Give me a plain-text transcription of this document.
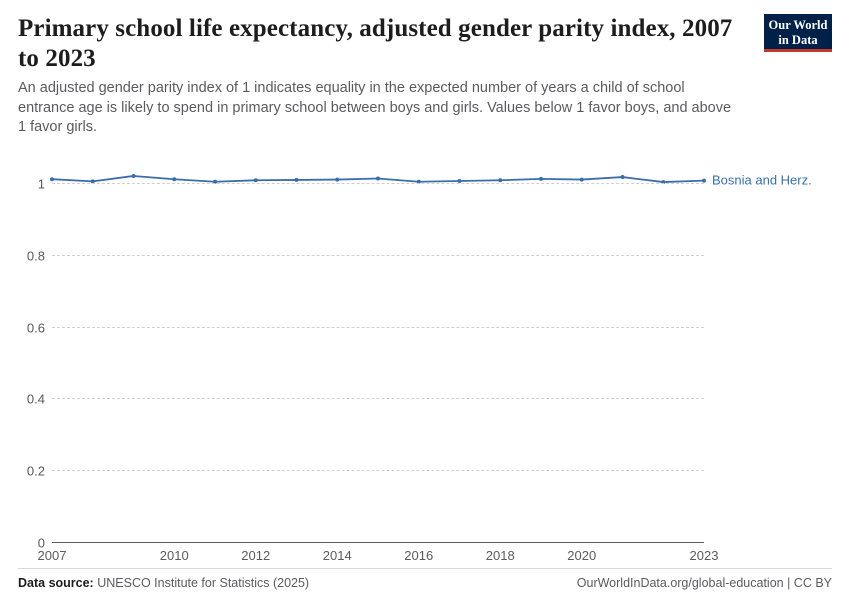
Primary school life expectancy, adjusted gender parity index, 2007 to 2023

An adjusted gender parity index of 1 indicates equality in the expected number of years a child of school entrance age is likely to spend in primary school between boys and girls. Values below 1 favor boys, and above 1 favor girls.

Our World
in Data
0
0.2
0.4
0.6
0.8
1	Bosnia and Herz.
2007	2010	2012	2014	2016	2018	2020	2023
Data source: UNESCO Institute for Statistics (2025)	OurWorldInData.org/global-education | CC BY
